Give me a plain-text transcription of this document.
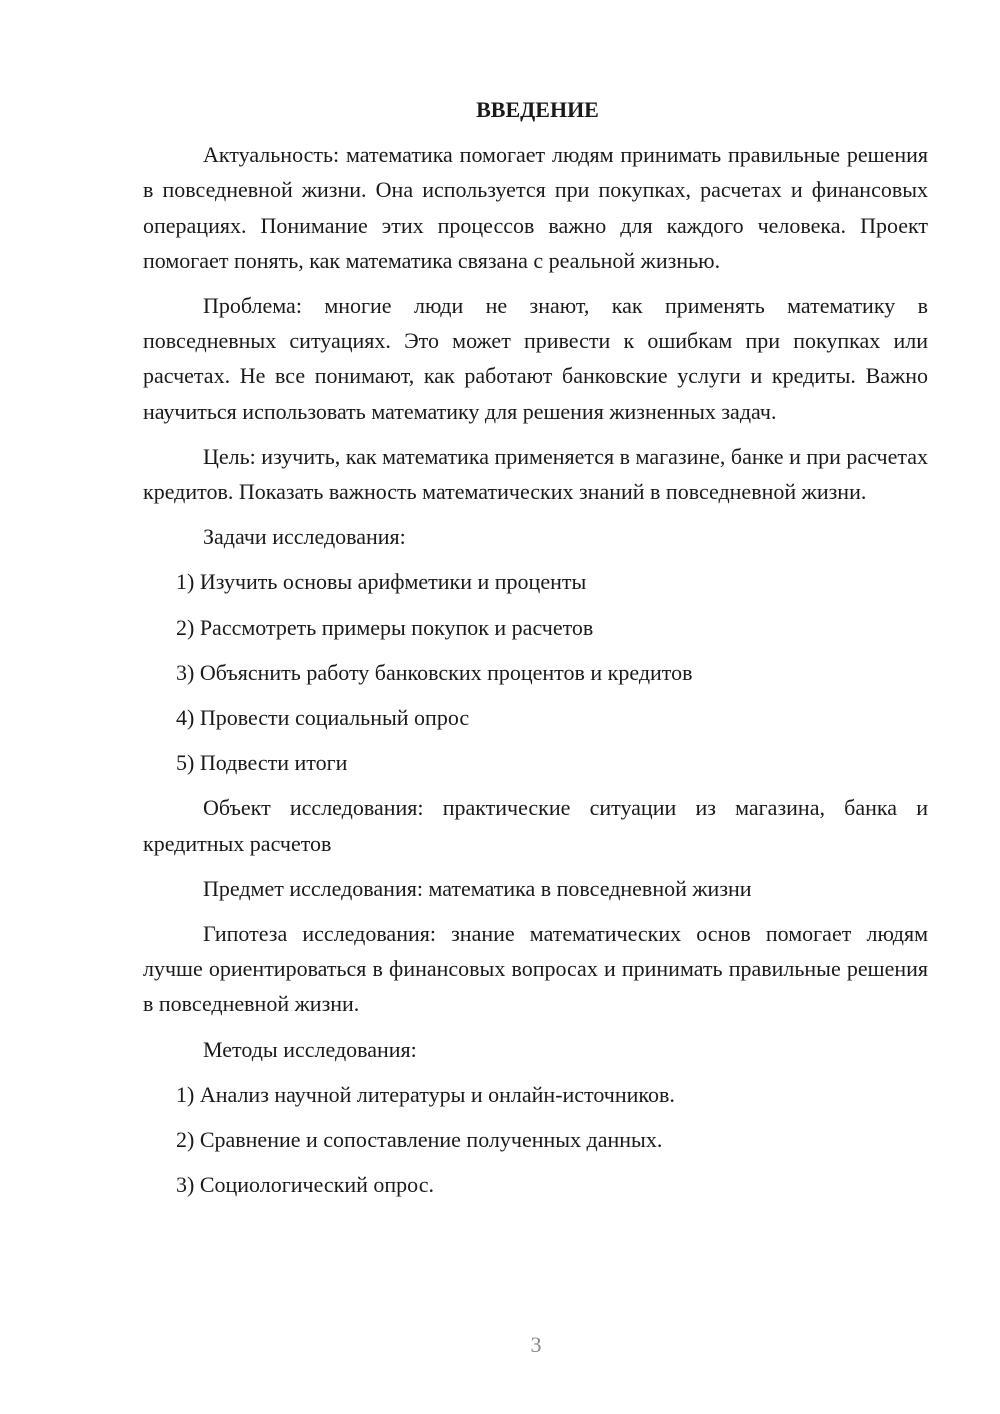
ВВЕДЕНИЕ

Актуальность: математика помогает людям принимать правильные решения в повседневной жизни. Она используется при покупках, расчетах и финансовых операциях. Понимание этих процессов важно для каждого человека. Проект помогает понять, как математика связана с реальной жизнью.

Проблема: многие люди не знают, как применять математику в повседневных ситуациях. Это может привести к ошибкам при покупках или расчетах. Не все понимают, как работают банковские услуги и кредиты. Важно научиться использовать математику для решения жизненных задач.

Цель: изучить, как математика применяется в магазине, банке и при расчетах кредитов. Показать важность математических знаний в повседневной жизни.

Задачи исследования:

1) Изучить основы арифметики и проценты

2) Рассмотреть примеры покупок и расчетов

3) Объяснить работу банковских процентов и кредитов

4) Провести социальный опрос

5) Подвести итоги

Объект исследования: практические ситуации из магазина, банка и кредитных расчетов

Предмет исследования: математика в повседневной жизни

Гипотеза исследования: знание математических основ помогает людям лучше ориентироваться в финансовых вопросах и принимать правильные решения в повседневной жизни.

Методы исследования:

1) Анализ научной литературы и онлайн-источников.

2) Сравнение и сопоставление полученных данных.

3) Социологический опрос.

3
